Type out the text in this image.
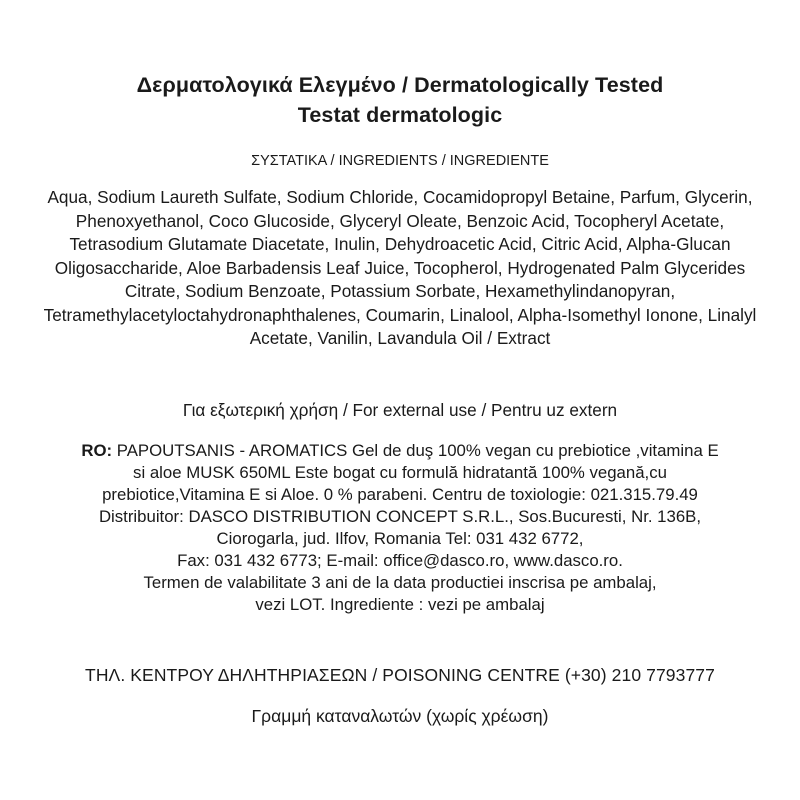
Δερματολογικά Ελεγμένο / Dermatologically Tested
Testat dermatologic
ΣΥΣΤΑΤΙΚΑ / INGREDIENTS / INGREDIENTE

Aqua, Sodium Laureth Sulfate, Sodium Chloride, Cocamidopropyl Betaine, Parfum, Glycerin, Phenoxyethanol, Coco Glucoside, Glyceryl Oleate, Benzoic Acid, Tocopheryl Acetate, Tetrasodium Glutamate Diacetate, Inulin, Dehydroacetic Acid, Citric Acid, Alpha-Glucan Oligosaccharide, Aloe Barbadensis Leaf Juice, Tocopherol, Hydrogenated Palm Glycerides Citrate, Sodium Benzoate, Potassium Sorbate, Hexamethylindanopyran, Tetramethylacetyloctahydronaphthalenes, Coumarin, Linalool, Alpha-Isomethyl Ionone, Linalyl Acetate, Vanilin, Lavandula Oil / Extract

Για εξωτερική χρήση / For external use / Pentru uz extern

RO: PAPOUTSANIS - AROMATICS Gel de duş 100% vegan cu prebiotice ,vitamina E
si aloe MUSK 650ML Este bogat cu formulă hidratantă 100% vegană,cu
prebiotice,Vitamina E si Aloe. 0 % parabeni. Centru de toxiologie: 021.315.79.49
Distribuitor: DASCO DISTRIBUTION CONCEPT S.R.L., Sos.Bucuresti, Nr. 136B,
Ciorogarla, jud. Ilfov, Romania Tel: 031 432 6772,
Fax: 031 432 6773; E-mail: office@dasco.ro, www.dasco.ro.
Termen de valabilitate 3 ani de la data productiei inscrisa pe ambalaj,
vezi LOT. Ingrediente : vezi pe ambalaj

ΤΗΛ. ΚΕΝΤΡΟΥ ΔΗΛΗΤΗΡΙΑΣΕΩΝ / POISONING CENTRE (+30) 210 7793777
Γραμμή καταναλωτών (χωρίς χρέωση)
